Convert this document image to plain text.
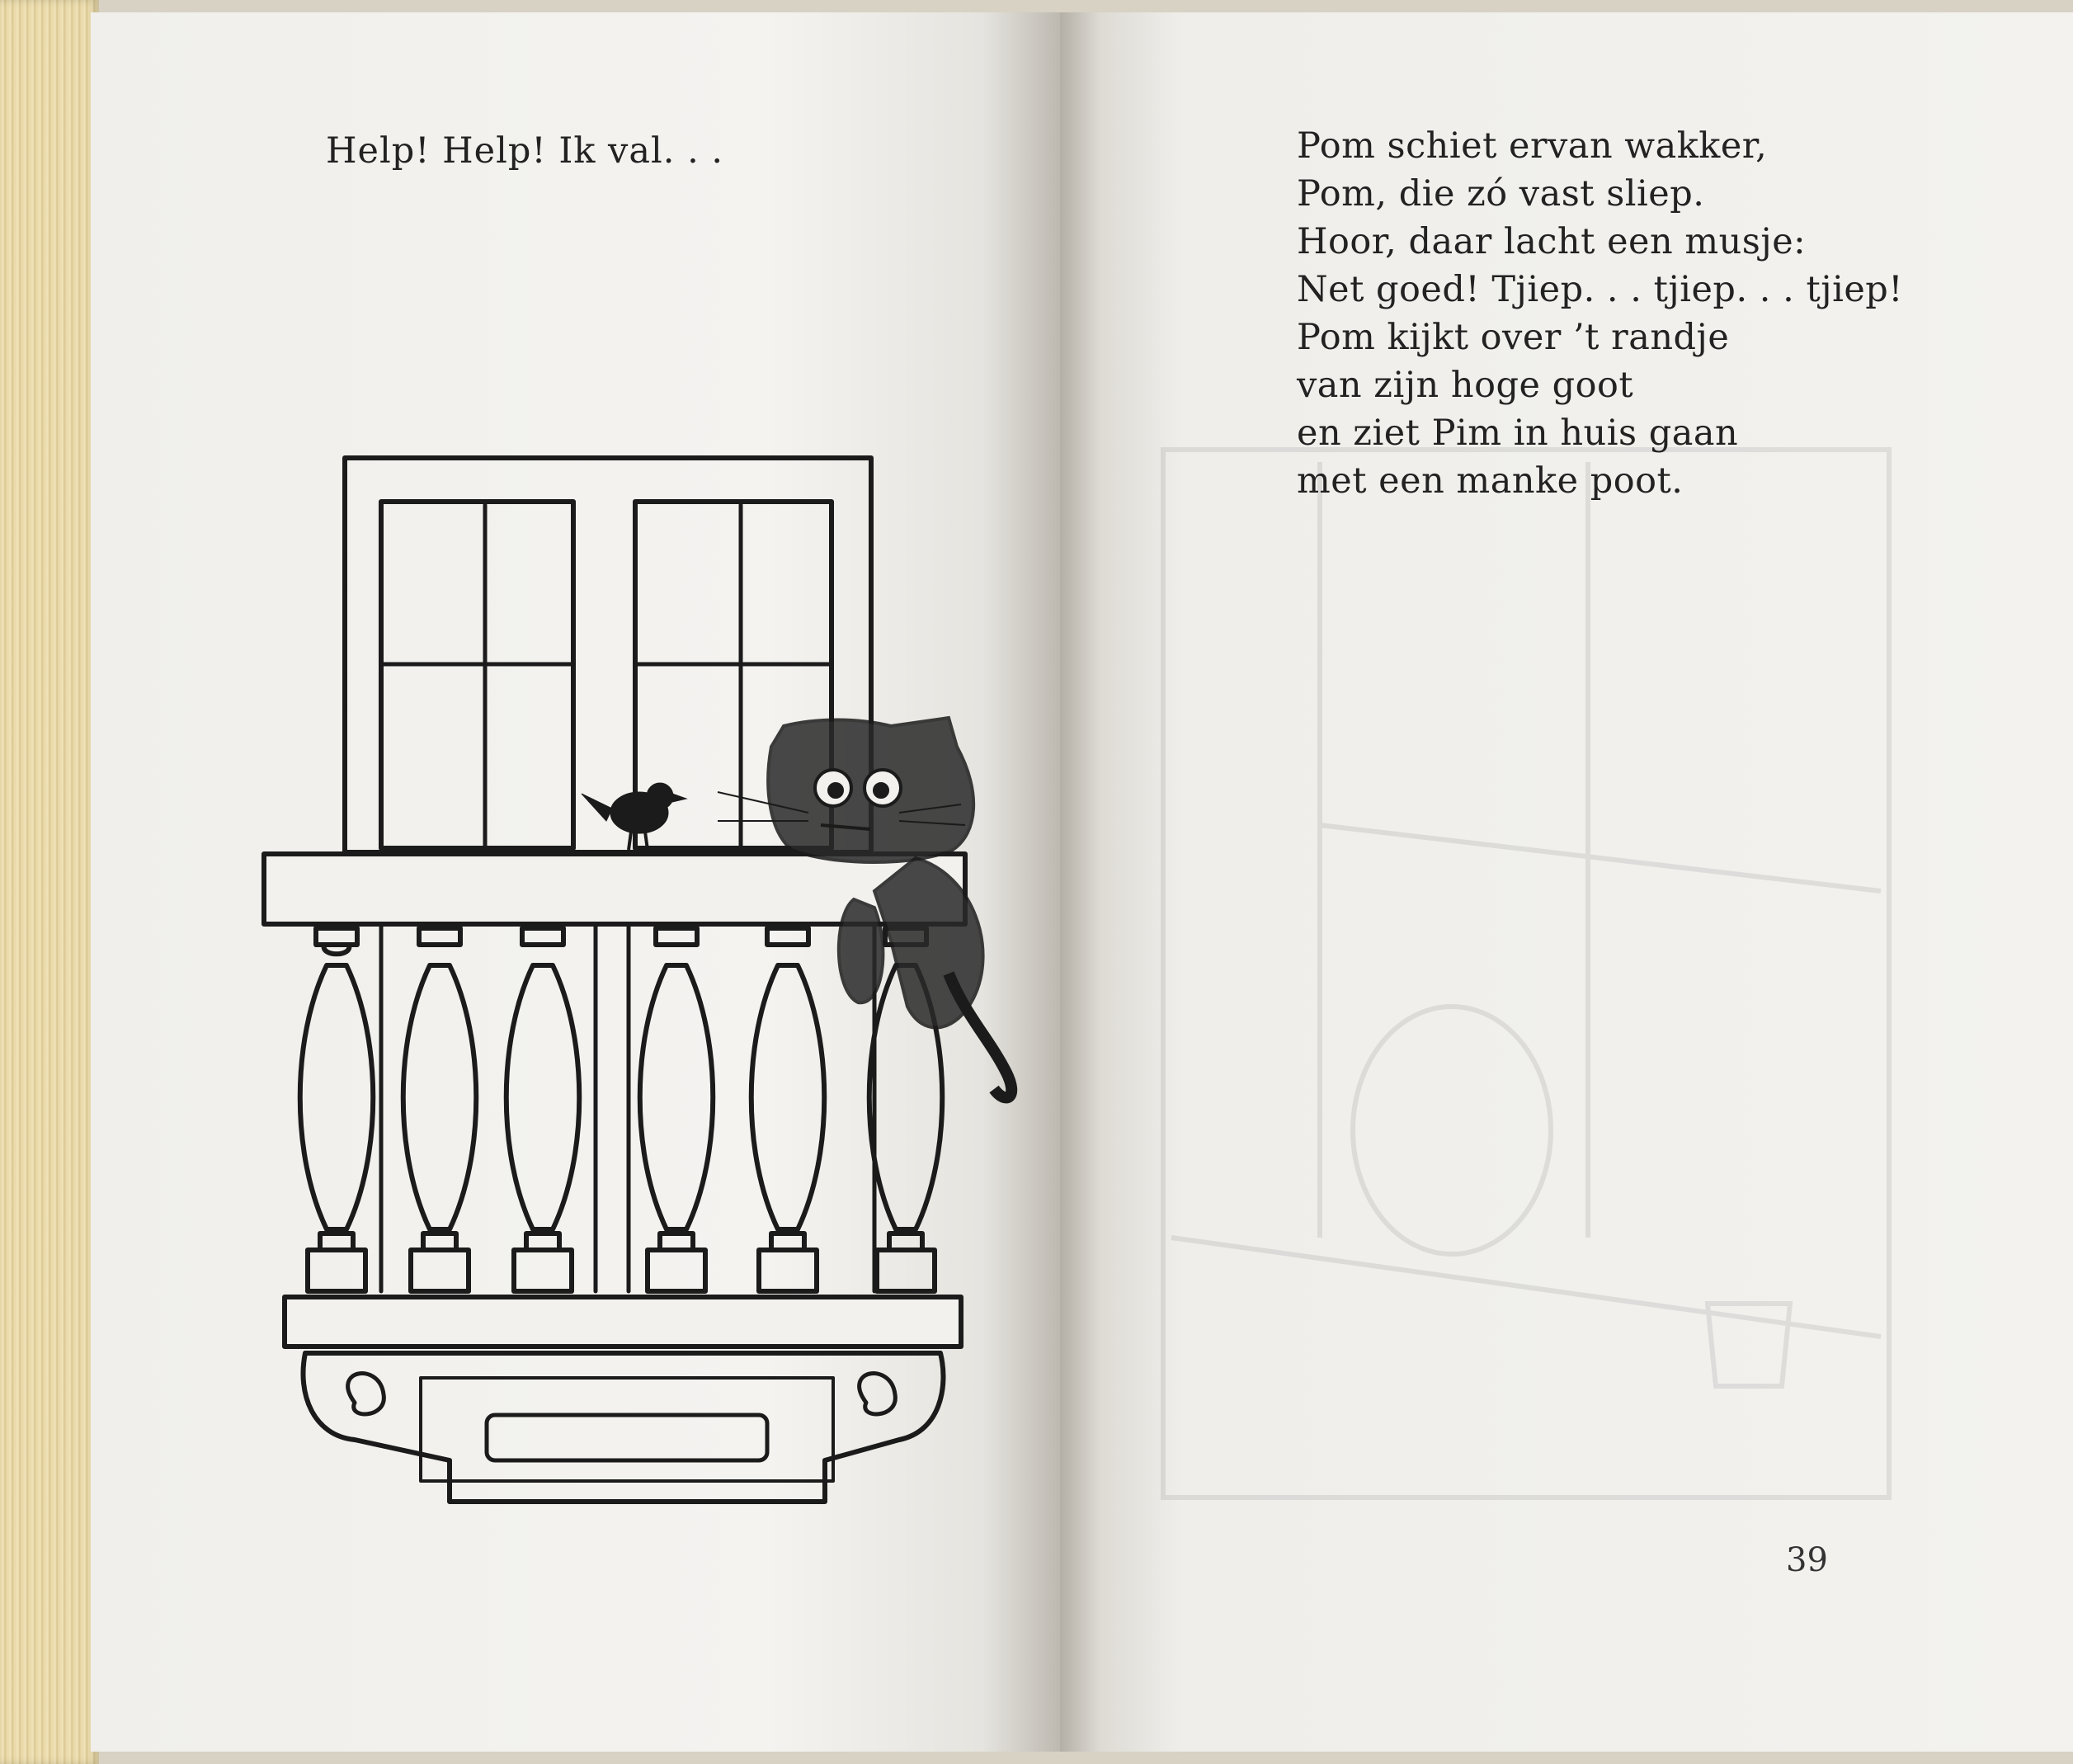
Help! Help! Ik val. . .	Pom schiet ervan wakker,
Pom, die zó vast sliep.
Hoor, daar lacht een musje:
Net goed! Tjiep. . . tjiep. . . tjiep!
Pom kijkt over ’t randje
van zijn hoge goot
en ziet Pim in huis gaan
met een manke poot.
39
